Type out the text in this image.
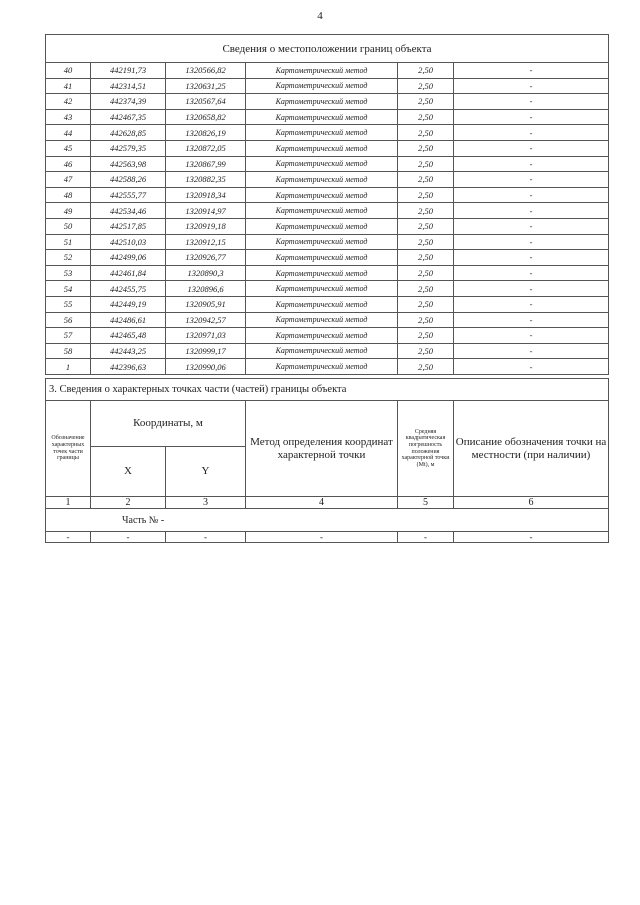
4
Сведения о местоположении границ объекта					
40	442191,73	1320566,82	Картометрический метод	2,50	-
41	442314,51	1320631,25	Картометрический метод	2,50	-
42	442374,39	1320567,64	Картометрический метод	2,50	-
43	442467,35	1320658,82	Картометрический метод	2,50	-
44	442628,85	1320826,19	Картометрический метод	2,50	-
45	442579,35	1320872,05	Картометрический метод	2,50	-
46	442563,98	1320867,99	Картометрический метод	2,50	-
47	442588,26	1320882,35	Картометрический метод	2,50	-
48	442555,77	1320918,34	Картометрический метод	2,50	-
49	442534,46	1320914,97	Картометрический метод	2,50	-
50	442517,85	1320919,18	Картометрический метод	2,50	-
51	442510,03	1320912,15	Картометрический метод	2,50	-
52	442499,06	1320926,77	Картометрический метод	2,50	-
53	442461,84	1320890,3	Картометрический метод	2,50	-
54	442455,75	1320896,6	Картометрический метод	2,50	-
55	442449,19	1320905,91	Картометрический метод	2,50	-
56	442486,61	1320942,57	Картометрический метод	2,50	-
57	442465,48	1320971,03	Картометрический метод	2,50	-
58	442443,25	1320999,17	Картометрический метод	2,50	-
1	442396,63	1320990,06	Картометрический метод	2,50	-
3. Сведения о характерных точках части (частей) границы объекта					
Обозначение характерных точек части границы	Координаты, м		Метод определения координат характерной точки	Средняя квадратическая погрешность положения характерной точки (Mt), м	Описание обозначения точки на местности (при наличии)
	X	Y			
1	2	3	4	5	6
Часть № -					
-	-	-	-	-	-
